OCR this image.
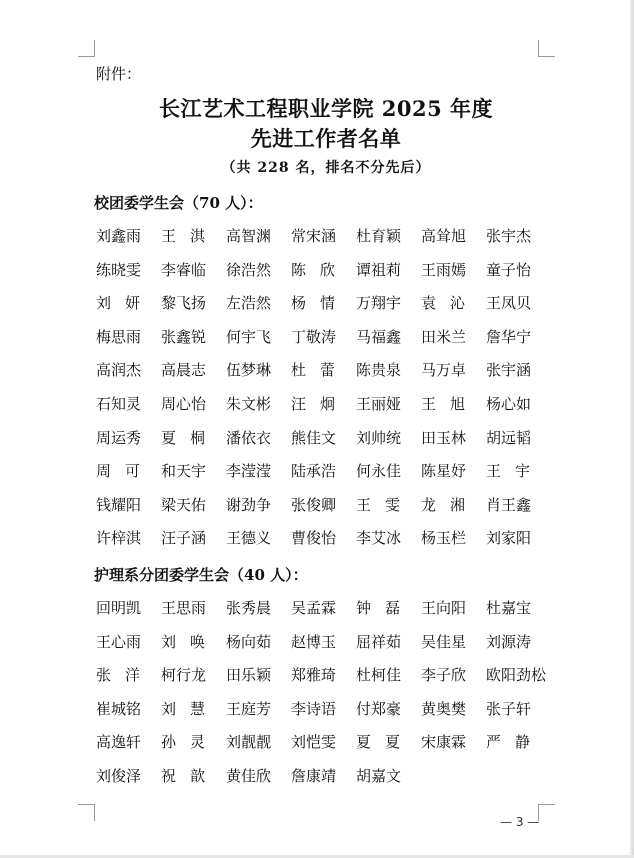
附件：
长江艺术工程职业学院 2025 年度
先进工作者名单
（共 228 名，排名不分先后）
校团委学生会（70 人）：
刘鑫雨	王淇 高智渊	常宋涵	杜育颖	高耸旭	张宇杰
练晓雯	李睿临	徐浩然	陈欣 谭祖莉	王雨嫣	童子怡
刘妍 黎飞扬	左浩然	杨情 万翔宇	袁沁 王凤贝
梅思雨	张鑫锐	何宇飞	丁敬涛	马福鑫	田米兰	詹华宁
高润杰	高晨志	伍梦琳	杜蕾 陈贵泉	马万卓	张宇涵
石知灵	周心怡	朱文彬	汪炯 王丽娅	王旭 杨心如
周运秀	夏桐 潘依衣	熊佳文	刘帅统	田玉林	胡远韬
周可 和天宇	李滢滢	陆承浩	何永佳	陈星妤	王宇
钱耀阳	梁天佑	谢劲争	张俊卿	王雯 龙湘 肖王鑫
许梓淇	汪子涵	王德义	曹俊怡	李艾冰	杨玉栏	刘家阳
护理系分团委学生会（40 人）：
回明凯	王思雨	张秀晨	吴孟霖	钟磊 王向阳	杜嘉宝
王心雨	刘唤 杨向茹	赵博玉	屈祥茹	吴佳星	刘源涛
张洋 柯行龙	田乐颖	郑雅琦	杜柯佳	李子欣	欧阳劲松
崔城铭	刘慧 王庭芳	李诗语	付郑豪	黄奥樊	张子轩
高逸轩	孙灵 刘靓靓	刘恺雯	夏夏 宋康霖	严静
刘俊泽	祝歆 黄佳欣	詹康靖	胡嘉文
— 3 —
